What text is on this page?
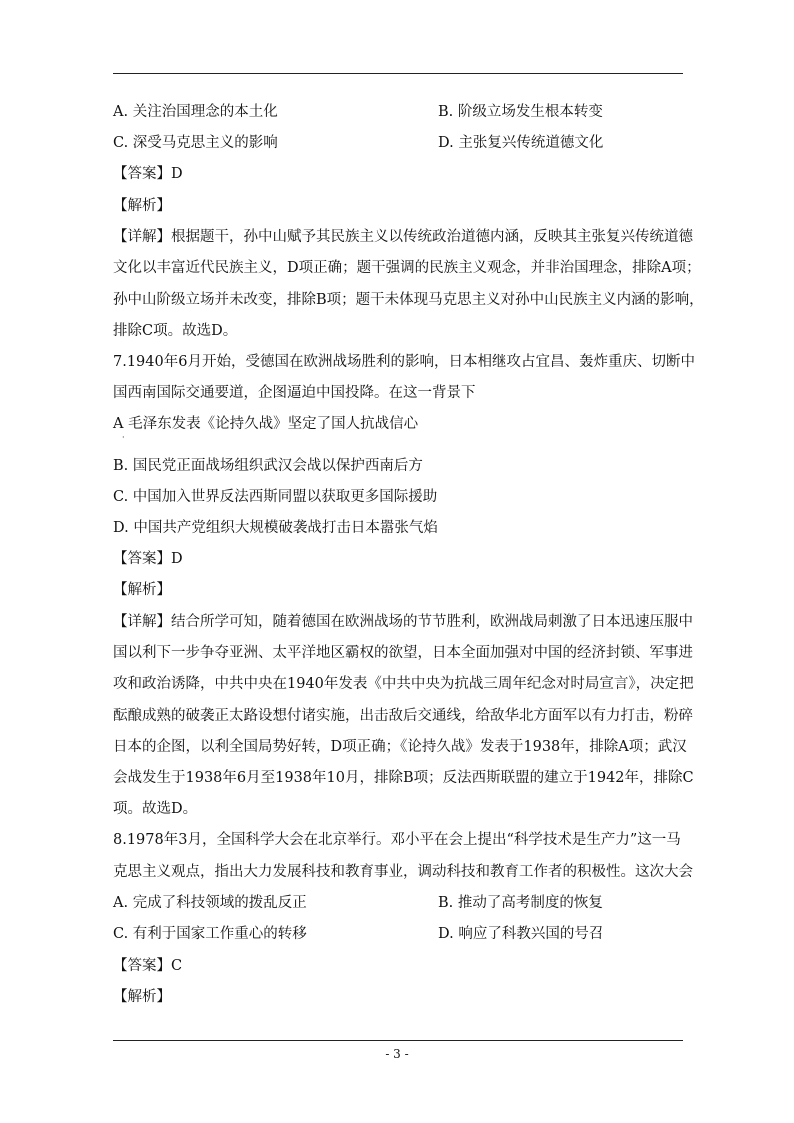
A. 关注治国理念的本土化	B. 阶级立场发生根本转变
C. 深受马克思主义的影响	D. 主张复兴传统道德文化
【答案】D
【解析】
【详解】根据题干，孙中山赋予其民族主义以传统政治道德内涵，反映其主张复兴传统道德
文化以丰富近代民族主义，D项正确；题干强调的民族主义观念，并非治国理念，排除A项；
孙中山阶级立场并未改变，排除B项；题干未体现马克思主义对孙中山民族主义内涵的影响，
排除C项。故选D。
7.1940年6月开始，受德国在欧洲战场胜利的影响，日本相继攻占宜昌、轰炸重庆、切断中
国西南国际交通要道，企图逼迫中国投降。在这一背景下
A 毛泽东发表《论持久战》坚定了国人抗战信心
·
B. 国民党正面战场组织武汉会战以保护西南后方
C. 中国加入世界反法西斯同盟以获取更多国际援助
D. 中国共产党组织大规模破袭战打击日本嚣张气焰
【答案】D
【解析】
【详解】结合所学可知，随着德国在欧洲战场的节节胜利，欧洲战局刺激了日本迅速压服中
国以利下一步争夺亚洲、太平洋地区霸权的欲望，日本全面加强对中国的经济封锁、军事进
攻和政治诱降，中共中央在1940年发表《中共中央为抗战三周年纪念对时局宣言》，决定把
酝酿成熟的破袭正太路设想付诸实施，出击敌后交通线，给敌华北方面军以有力打击，粉碎
日本的企图，以利全国局势好转，D项正确；《论持久战》发表于1938年，排除A项；武汉
会战发生于1938年6月至1938年10月，排除B项；反法西斯联盟的建立于1942年，排除C
项。故选D。
8.1978年3月，全国科学大会在北京举行。邓小平在会上提出“科学技术是生产力”这一马
克思主义观点，指出大力发展科技和教育事业，调动科技和教育工作者的积极性。这次大会
A. 完成了科技领域的拨乱反正	B. 推动了高考制度的恢复
C. 有利于国家工作重心的转移	D. 响应了科教兴国的号召
【答案】C
【解析】
- 3 -
